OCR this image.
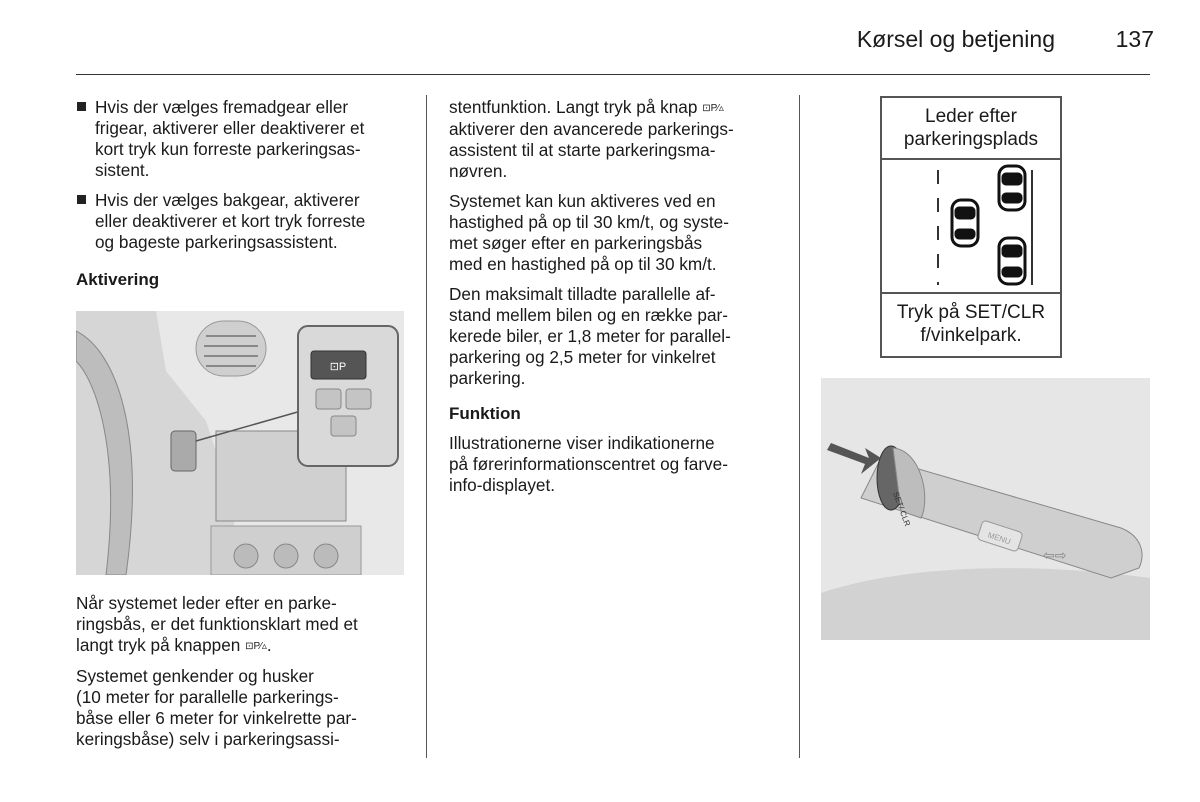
Kørsel og betjening	137
Hvis der vælges fremadgear eller
frigear, aktiverer eller deaktiverer et
kort tryk kun forreste parkeringsas-
sistent.
Hvis der vælges bakgear, aktiverer
eller deaktiverer et kort tryk forreste
og bageste parkeringsassistent.

Aktivering

⊡P

Når systemet leder efter en parke-
ringsbås, er det funktionsklart med et
langt tryk på knappen ⊡P⁄▵.

Systemet genkender og husker
(10 meter for parallelle parkerings-
båse eller 6 meter for vinkelrette par-
keringsbåse) selv i parkeringsassi-

stentfunktion. Langt tryk på knap ⊡P⁄▵
aktiverer den avancerede parkerings-
assistent til at starte parkeringsma-
nøvren.

Systemet kan kun aktiveres ved en
hastighed på op til 30 km/t, og syste-
met søger efter en parkeringsbås
med en hastighed på op til 30 km/t.

Den maksimalt tilladte parallelle af-
stand mellem bilen og en række par-
kerede biler, er 1,8 meter for parallel-
parkering og 2,5 meter for vinkelret
parkering.

Funktion

Illustrationerne viser indikationerne
på førerinformationscentret og farve-
info-displayet.

Leder efter
parkeringsplads
Tryk på SET/CLR
f/vinkelpark.
MENU
SET/ CLR
⇦⇨
